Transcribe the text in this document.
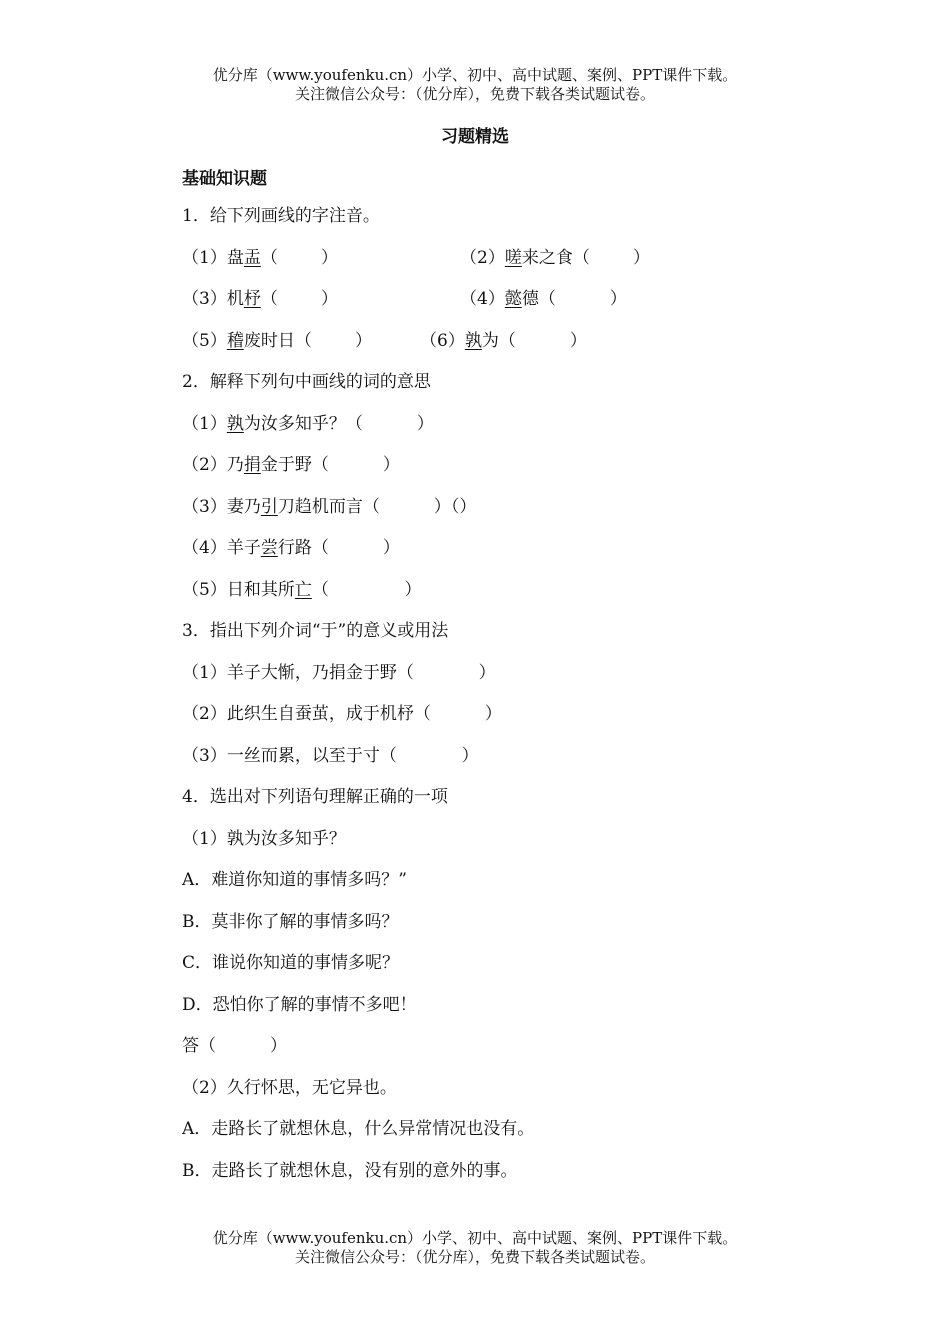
优分库（www.youfenku.cn）小学、初中、高中试题、案例、PPT课件下载。
关注微信公众号：（优分库），免费下载各类试题试卷。
习题精选
基础知识题
1．给下列画线的字注音。
（1）盘盂（        ）	（2）嗟来之食（        ）
（3）机杼（        ）	（4）懿德（          ）
（5）稽废时日（        ）	（6）孰为（          ）
2．解释下列句中画线的词的意思
（1）孰为汝多知乎？（          ）
（2）乃捐金于野（          ）
（3）妻乃引刀趋机而言（          ）（）
（4）羊子尝行路（          ）
（5）日和其所亡（              ）
3．指出下列介词“于”的意义或用法
（1）羊子大惭，乃捐金于野（            ）
（2）此织生自蚕茧，成于机杼（          ）
（3）一丝而累，以至于寸（            ）
4．选出对下列语句理解正确的一项
（1）孰为汝多知乎？
A．难道你知道的事情多吗？”
B．莫非你了解的事情多吗？
C．谁说你知道的事情多呢？
D．恐怕你了解的事情不多吧！
答（          ）
（2）久行怀思，无它异也。
A．走路长了就想休息，什么异常情况也没有。
B．走路长了就想休息，没有别的意外的事。
优分库（www.youfenku.cn）小学、初中、高中试题、案例、PPT课件下载。
关注微信公众号：（优分库），免费下载各类试题试卷。
